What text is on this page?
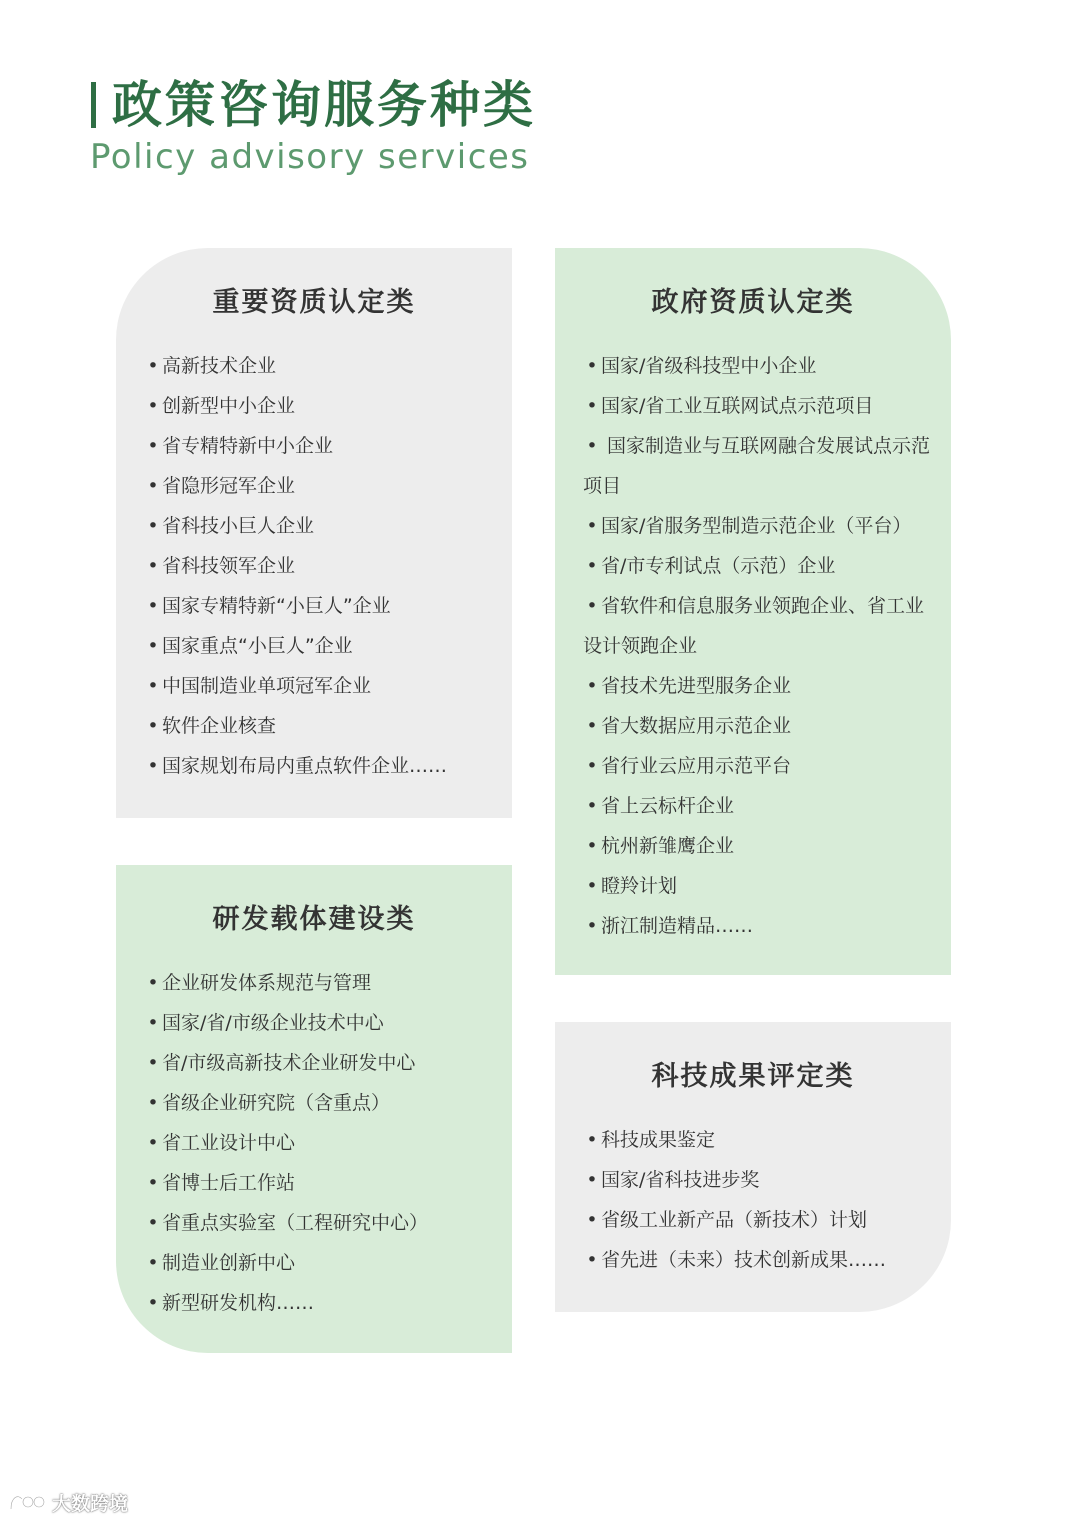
政策咨询服务种类
Policy advisory services
重要资质认定类
• 高新技术企业
• 创新型中小企业
• 省专精特新中小企业
• 省隐形冠军企业
• 省科技小巨人企业
• 省科技领军企业
• 国家专精特新“小巨人”企业
• 国家重点“小巨人”企业
• 中国制造业单项冠军企业
• 软件企业核查
• 国家规划布局内重点软件企业……
政府资质认定类
• 国家/省级科技型中小企业
• 国家/省工业互联网试点示范项目
• 国家制造业与互联网融合发展试点示范项目
• 国家/省服务型制造示范企业（平台）
• 省/市专利试点（示范）企业
• 省软件和信息服务业领跑企业、省工业设计领跑企业
• 省技术先进型服务企业
• 省大数据应用示范企业
• 省行业云应用示范平台
• 省上云标杆企业
• 杭州新雏鹰企业
• 瞪羚计划
• 浙江制造精品……
研发载体建设类
• 企业研发体系规范与管理
• 国家/省/市级企业技术中心
• 省/市级高新技术企业研发中心
• 省级企业研究院（含重点）
• 省工业设计中心
• 省博士后工作站
• 省重点实验室（工程研究中心）
• 制造业创新中心
• 新型研发机构……
科技成果评定类
• 科技成果鉴定
• 国家/省科技进步奖
• 省级工业新产品（新技术）计划
• 省先进（未来）技术创新成果……
大数跨境
